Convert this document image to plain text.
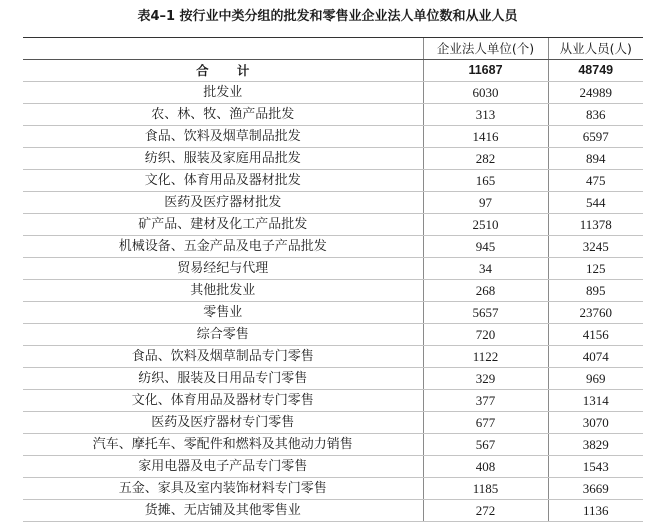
表4–1 按行业中类分组的批发和零售业企业法人单位数和从业人员
	企业法人单位(个)	从业人员(人)
合 计	11687	48749
批发业	6030	24989
农、林、牧、渔产品批发	313	836
食品、饮料及烟草制品批发	1416	6597
纺织、服装及家庭用品批发	282	894
文化、体育用品及器材批发	165	475
医药及医疗器材批发	97	544
矿产品、建材及化工产品批发	2510	11378
机械设备、五金产品及电子产品批发	945	3245
贸易经纪与代理	34	125
其他批发业	268	895
零售业	5657	23760
综合零售	720	4156
食品、饮料及烟草制品专门零售	1122	4074
纺织、服装及日用品专门零售	329	969
文化、体育用品及器材专门零售	377	1314
医药及医疗器材专门零售	677	3070
汽车、摩托车、零配件和燃料及其他动力销售	567	3829
家用电器及电子产品专门零售	408	1543
五金、家具及室内装饰材料专门零售	1185	3669
货摊、无店铺及其他零售业	272	1136
